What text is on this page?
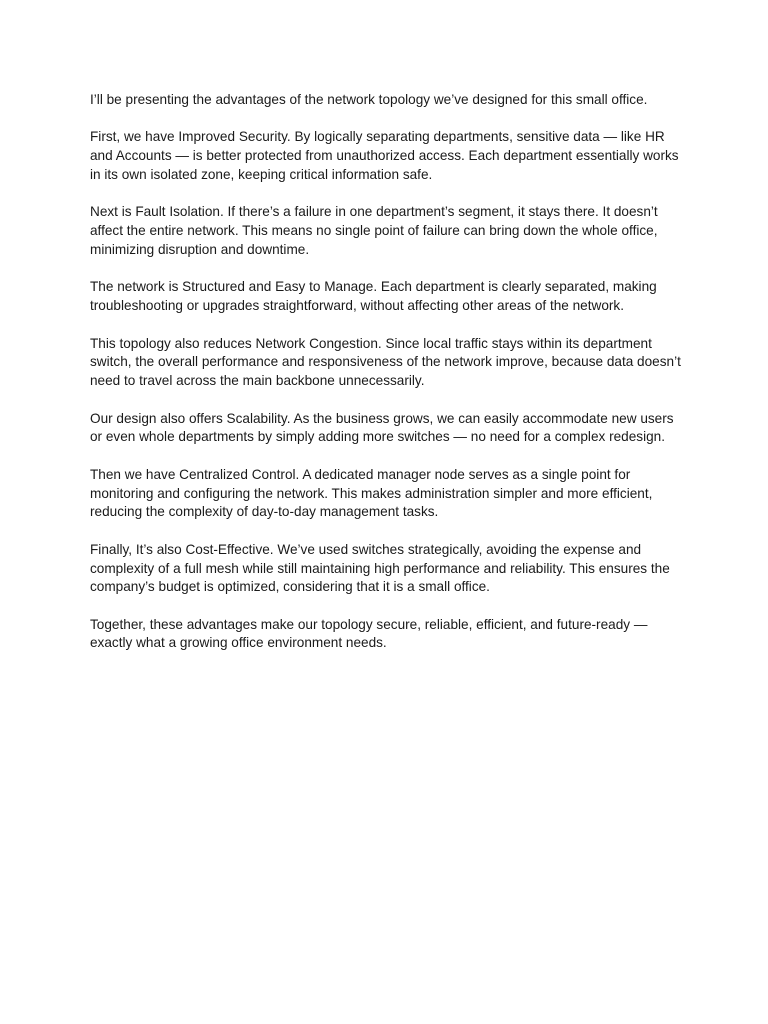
I’ll be presenting the advantages of the network topology we’ve designed for this small office.

First, we have Improved Security. By logically separating departments, sensitive data — like HR and Accounts — is better protected from unauthorized access. Each department essentially works in its own isolated zone, keeping critical information safe.

Next is Fault Isolation. If there’s a failure in one department’s segment, it stays there. It doesn’t affect the entire network. This means no single point of failure can bring down the whole office, minimizing disruption and downtime.

The network is Structured and Easy to Manage. Each department is clearly separated, making troubleshooting or upgrades straightforward, without affecting other areas of the network.

This topology also reduces Network Congestion. Since local traffic stays within its department switch, the overall performance and responsiveness of the network improve, because data doesn’t need to travel across the main backbone unnecessarily.

Our design also offers Scalability. As the business grows, we can easily accommodate new users or even whole departments by simply adding more switches — no need for a complex redesign.

Then we have Centralized Control. A dedicated manager node serves as a single point for monitoring and configuring the network. This makes administration simpler and more efficient, reducing the complexity of day-to-day management tasks.

Finally, It’s also Cost-Effective. We’ve used switches strategically, avoiding the expense and complexity of a full mesh while still maintaining high performance and reliability. This ensures the company’s budget is optimized, considering that it is a small office.

Together, these advantages make our topology secure, reliable, efficient, and future-ready — exactly what a growing office environment needs.
